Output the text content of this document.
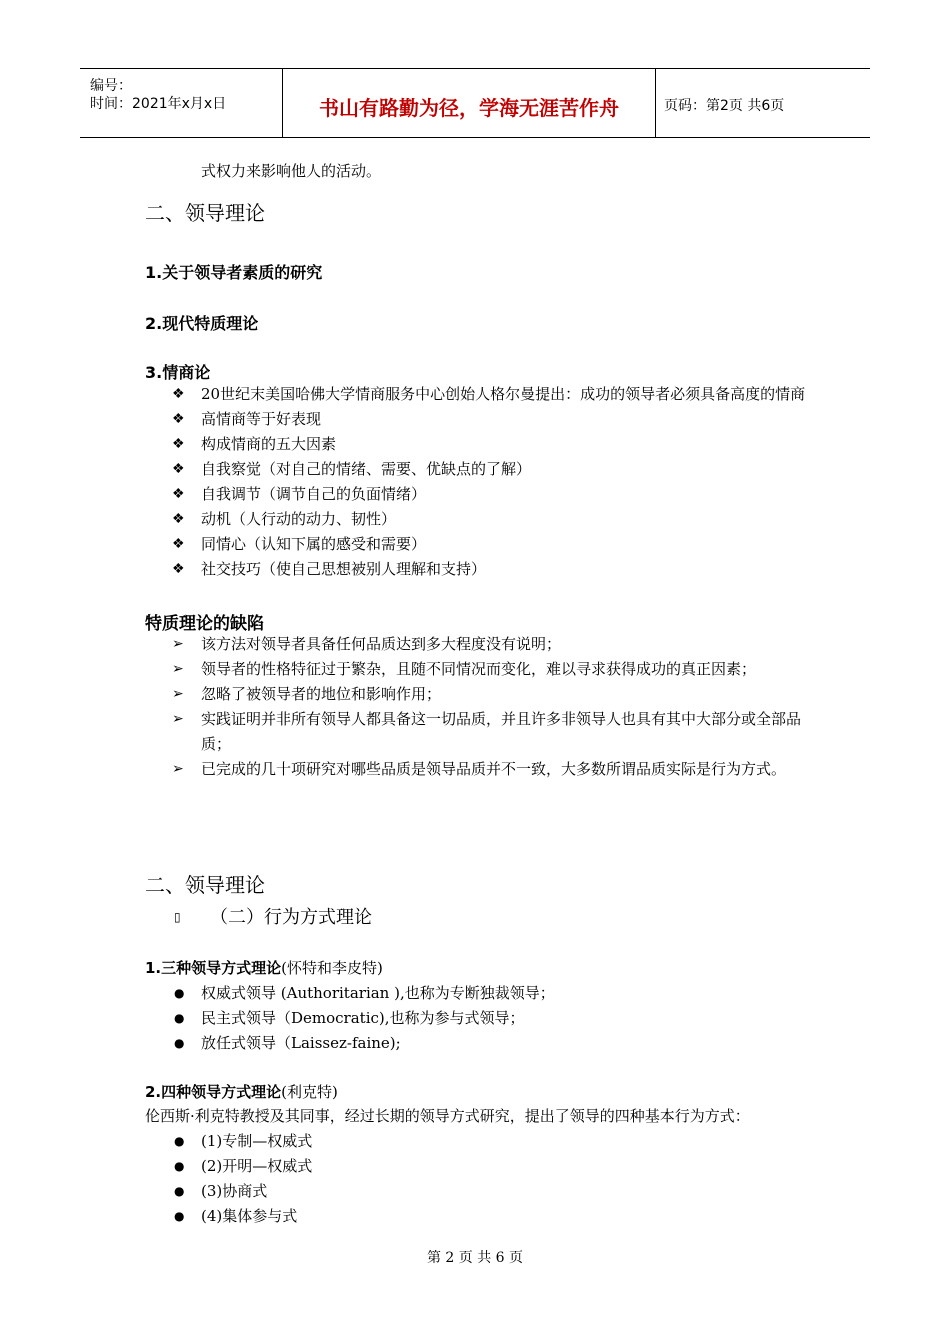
编号：
时间：2021年x月x日	书山有路勤为径，学海无涯苦作舟	页码：第2页 共6页
式权力来影响他人的活动。
二、领导理论
1.关于领导者素质的研究
2.现代特质理论
3.情商论
❖ 20世纪末美国哈佛大学情商服务中心创始人格尔曼提出：成功的领导者必须具备高度的情商
❖ 高情商等于好表现
❖ 构成情商的五大因素
❖ 自我察觉（对自己的情绪、需要、优缺点的了解）
❖ 自我调节（调节自己的负面情绪）
❖ 动机（人行动的动力、韧性）
❖ 同情心（认知下属的感受和需要）
❖ 社交技巧（使自己思想被别人理解和支持）
特质理论的缺陷
➢ 该方法对领导者具备任何品质达到多大程度没有说明；
➢ 领导者的性格特征过于繁杂，且随不同情况而变化，难以寻求获得成功的真正因素；
➢ 忽略了被领导者的地位和影响作用；
➢ 实践证明并非所有领导人都具备这一切品质，并且许多非领导人也具有其中大部分或全部品质；
➢ 已完成的几十项研究对哪些品质是领导品质并不一致，大多数所谓品质实际是行为方式。
二、领导理论
▯ （二）行为方式理论
1.三种领导方式理论(怀特和李皮特)
● 权威式领导 (Authoritarian ),也称为专断独裁领导；
● 民主式领导（Democratic),也称为参与式领导；
● 放任式领导（Laissez-faine);
2.四种领导方式理论(利克特)
伦西斯·利克特教授及其同事，经过长期的领导方式研究，提出了领导的四种基本行为方式：
● (1)专制—权威式
● (2)开明—权威式
● (3)协商式
● (4)集体参与式
第 2 页 共 6 页
